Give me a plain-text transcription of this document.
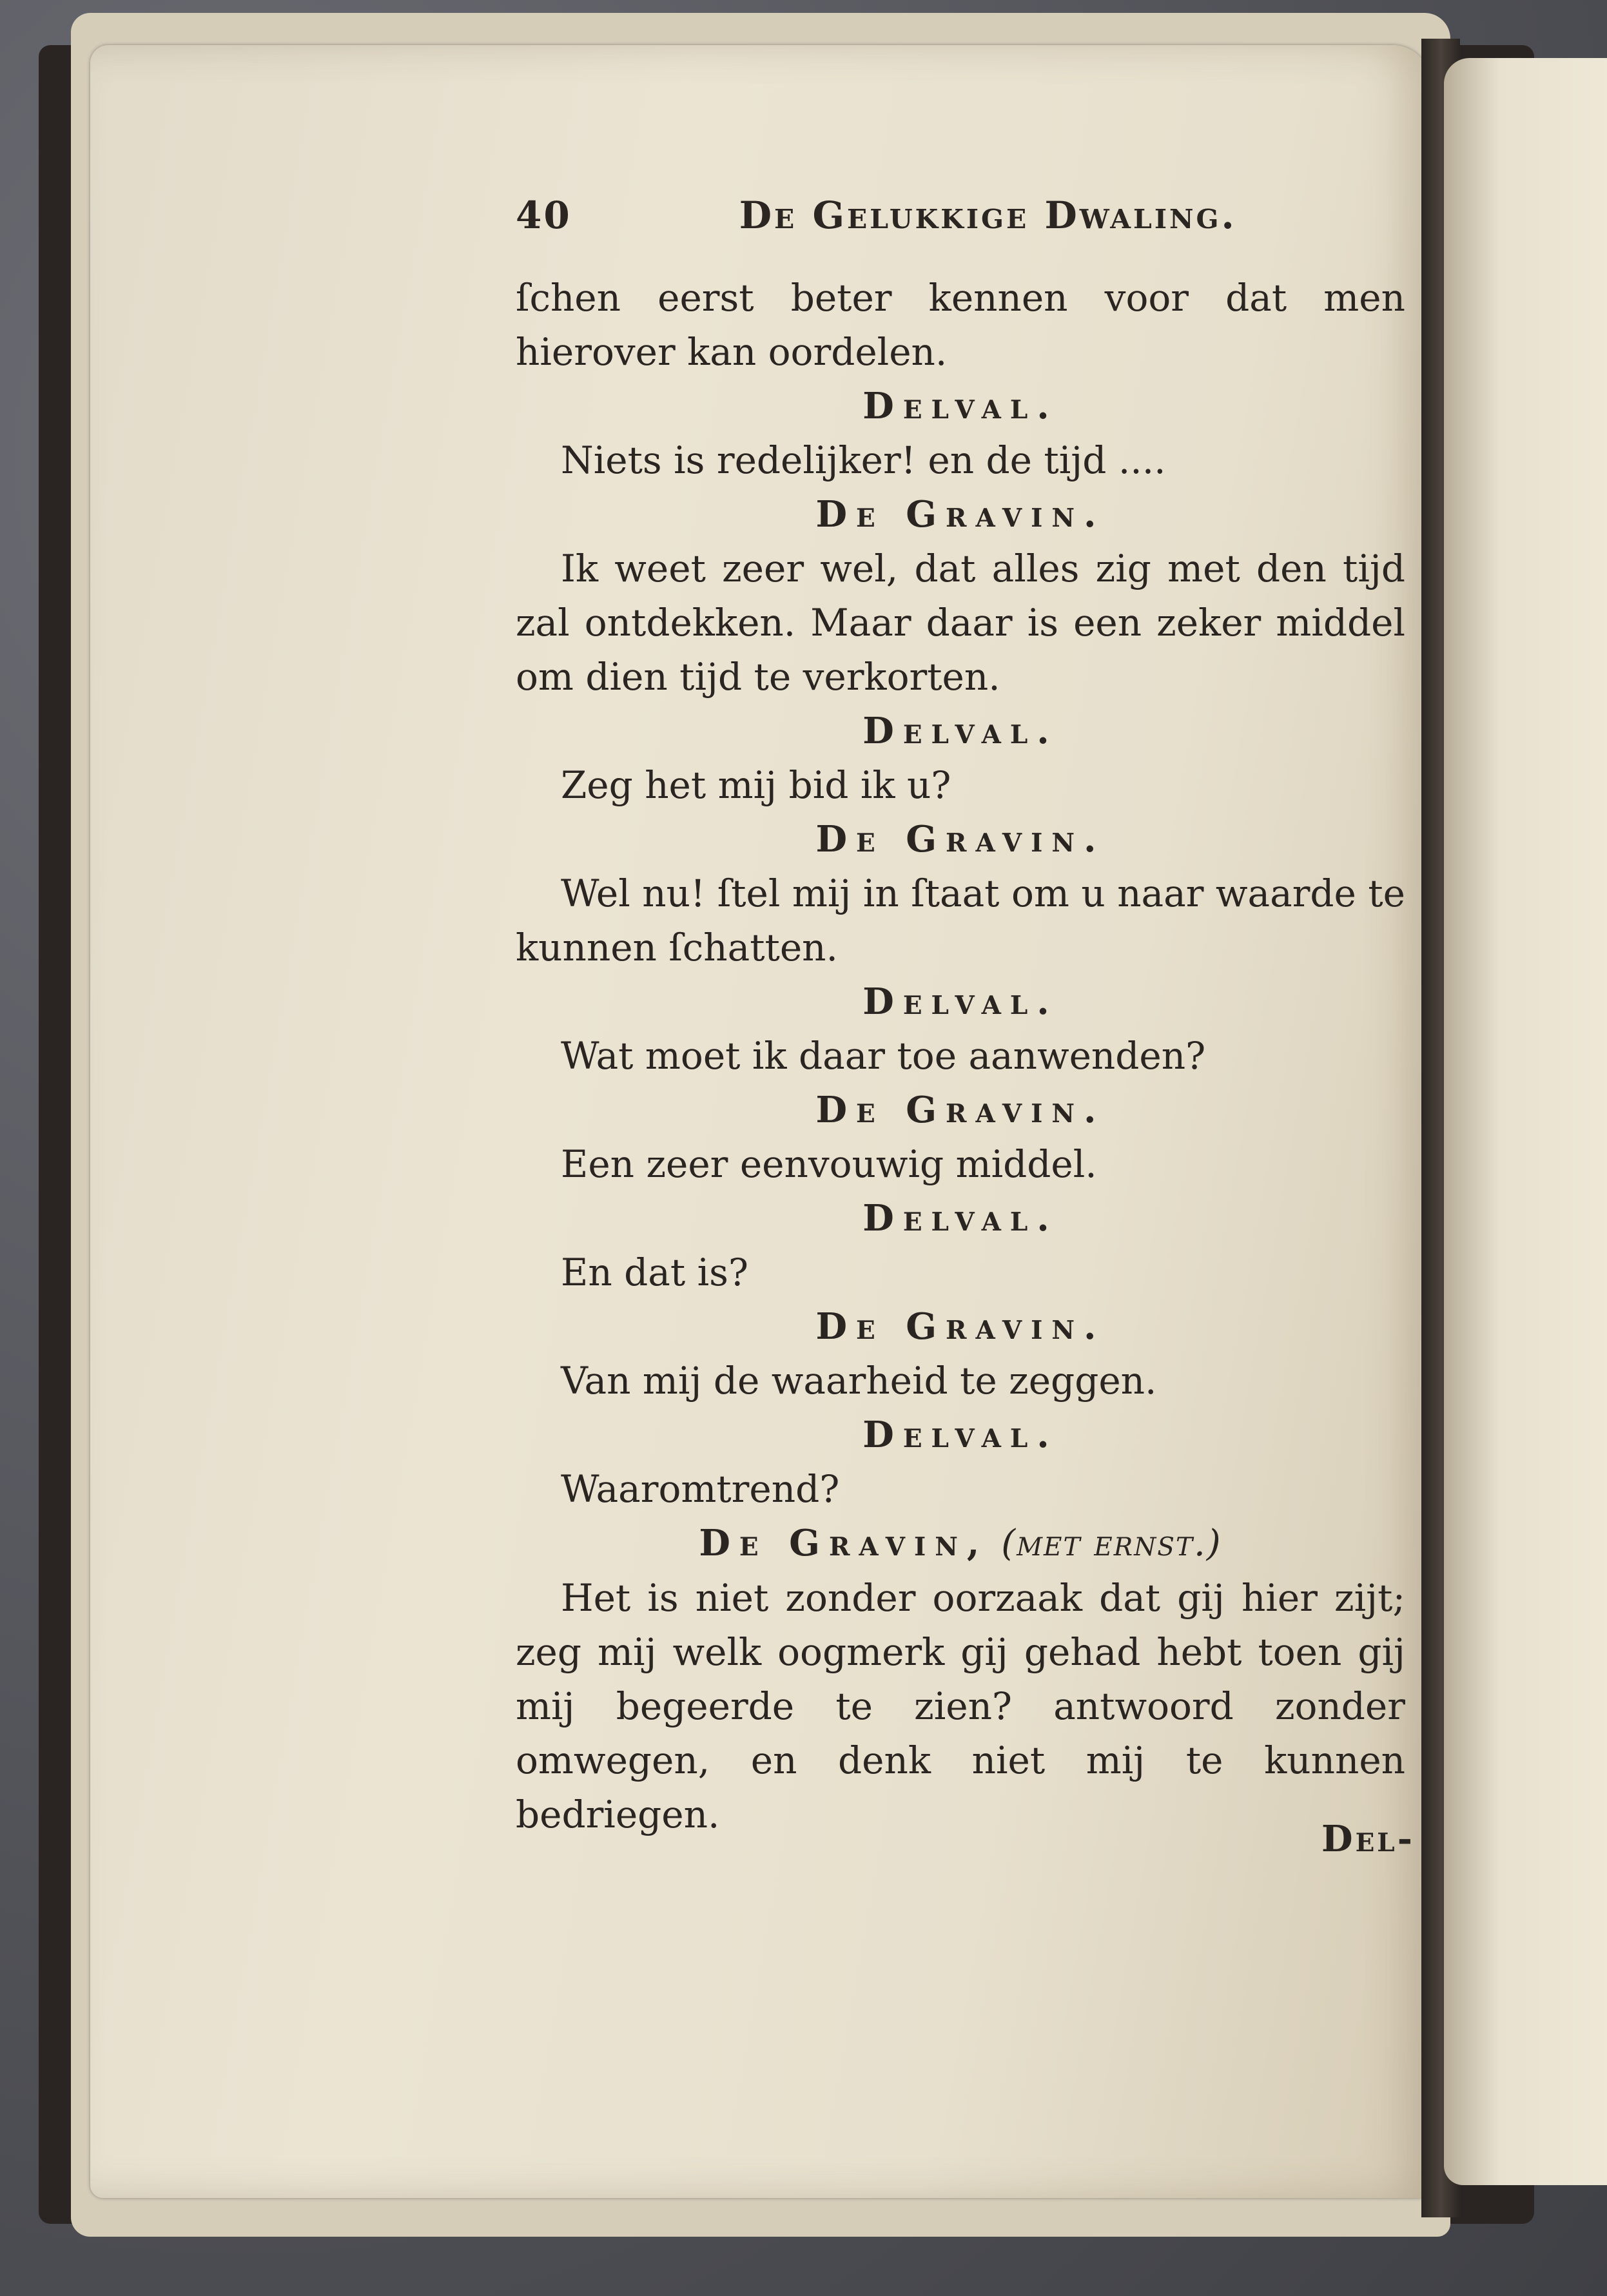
40	De Gelukkige Dwaling.

ſchen eerst beter kennen voor dat men hierover kan oordelen.

Delval.

Niets is redelijker! en de tijd ....

De Gravin.

Ik weet zeer wel, dat alles zig met den tijd zal ontdekken. Maar daar is een zeker middel om dien tijd te verkorten.

Delval.

Zeg het mij bid ik u?

De Gravin.

Wel nu! ſtel mij in ſtaat om u naar waarde te kunnen ſchatten.

Delval.

Wat moet ik daar toe aanwenden?

De Gravin.

Een zeer eenvouwig middel.

Delval.

En dat is?

De Gravin.

Van mij de waarheid te zeggen.

Delval.

Waaromtrend?

De Gravin, (met ernst.)

Het is niet zonder oorzaak dat gij hier zijt; zeg mij welk oogmerk gij gehad hebt toen gij mij begeerde te zien? antwoord zonder omwegen, en denk niet mij te kunnen bedriegen.

Del-
